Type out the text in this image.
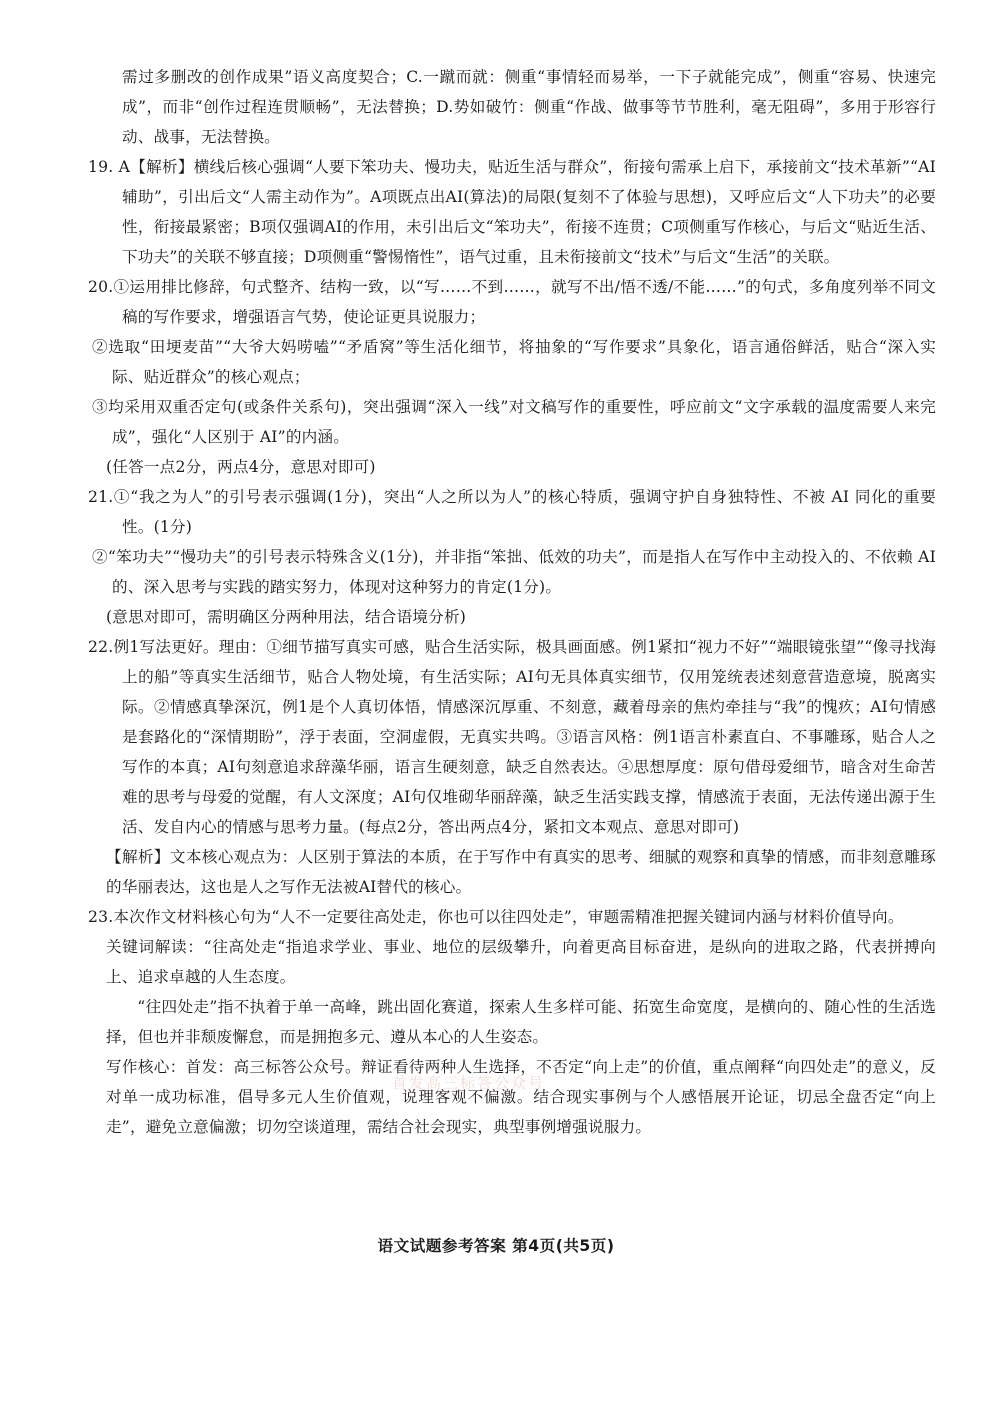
需过多删改的创作成果”语义高度契合；C.一蹴而就：侧重“事情轻而易举，一下子就能完成”，侧重“容易、快速完成”，而非“创作过程连贯顺畅”，无法替换；D.势如破竹：侧重“作战、做事等节节胜利，毫无阻碍”，多用于形容行动、战事，无法替换。

19. A【解析】横线后核心强调“人要下笨功夫、慢功夫，贴近生活与群众”，衔接句需承上启下，承接前文“技术革新”“AI辅助”，引出后文“人需主动作为”。A项既点出AI(算法)的局限(复刻不了体验与思想)，又呼应后文“人下功夫”的必要性，衔接最紧密；B项仅强调AI的作用，未引出后文“笨功夫”，衔接不连贯；C项侧重写作核心，与后文“贴近生活、下功夫”的关联不够直接；D项侧重“警惕惰性”，语气过重，且未衔接前文“技术”与后文“生活”的关联。

20.①运用排比修辞，句式整齐、结构一致，以“写……不到……，就写不出/悟不透/不能……”的句式，多角度列举不同文稿的写作要求，增强语言气势，使论证更具说服力；

②选取“田埂麦苗”“大爷大妈唠嗑”“矛盾窝”等生活化细节，将抽象的“写作要求”具象化，语言通俗鲜活，贴合“深入实际、贴近群众”的核心观点；

③均采用双重否定句(或条件关系句)，突出强调“深入一线”对文稿写作的重要性，呼应前文“文字承载的温度需要人来完成”，强化“人区别于 AI”的内涵。

(任答一点2分，两点4分，意思对即可)

21.①“我之为人”的引号表示强调(1分)，突出“人之所以为人”的核心特质，强调守护自身独特性、不被 AI 同化的重要性。(1分)

②“笨功夫”“慢功夫”的引号表示特殊含义(1分)，并非指“笨拙、低效的功夫”，而是指人在写作中主动投入的、不依赖 AI 的、深入思考与实践的踏实努力，体现对这种努力的肯定(1分)。

(意思对即可，需明确区分两种用法，结合语境分析)

22.例1写法更好。理由：①细节描写真实可感，贴合生活实际，极具画面感。例1紧扣“视力不好”“端眼镜张望”“像寻找海上的船”等真实生活细节，贴合人物处境，有生活实际；AI句无具体真实细节，仅用笼统表述刻意营造意境，脱离实际。②情感真挚深沉，例1是个人真切体悟，情感深沉厚重、不刻意，藏着母亲的焦灼牵挂与“我”的愧疚；AI句情感是套路化的“深情期盼”，浮于表面，空洞虚假，无真实共鸣。③语言风格：例1语言朴素直白、不事雕琢，贴合人之写作的本真；AI句刻意追求辞藻华丽，语言生硬刻意，缺乏自然表达。④思想厚度：原句借母爱细节，暗含对生命苦难的思考与母爱的觉醒，有人文深度；AI句仅堆砌华丽辞藻，缺乏生活实践支撑，情感流于表面，无法传递出源于生活、发自内心的情感与思考力量。(每点2分，答出两点4分，紧扣文本观点、意思对即可)

【解析】文本核心观点为：人区别于算法的本质，在于写作中有真实的思考、细腻的观察和真挚的情感，而非刻意雕琢的华丽表达，这也是人之写作无法被AI替代的核心。

23.本次作文材料核心句为“人不一定要往高处走，你也可以往四处走”，审题需精准把握关键词内涵与材料价值导向。

关键词解读：“往高处走“指追求学业、事业、地位的层级攀升，向着更高目标奋进，是纵向的进取之路，代表拼搏向上、追求卓越的人生态度。

“往四处走”指不执着于单一高峰，跳出固化赛道，探索人生多样可能、拓宽生命宽度，是横向的、随心性的生活选择，但也并非颓废懈怠，而是拥抱多元、遵从本心的人生姿态。

写作核心：首发：高三标答公众号。辩证看待两种人生选择，不否定“向上走”的价值，重点阐释“向四处走”的意义，反对单一成功标准，倡导多元人生价值观，说理客观不偏激。结合现实事例与个人感悟展开论证，切忌全盘否定“向上走”，避免立意偏激；切勿空谈道理，需结合社会现实，典型事例增强说服力。

首发高三标答公众号
语文试题参考答案 第4页(共5页)
